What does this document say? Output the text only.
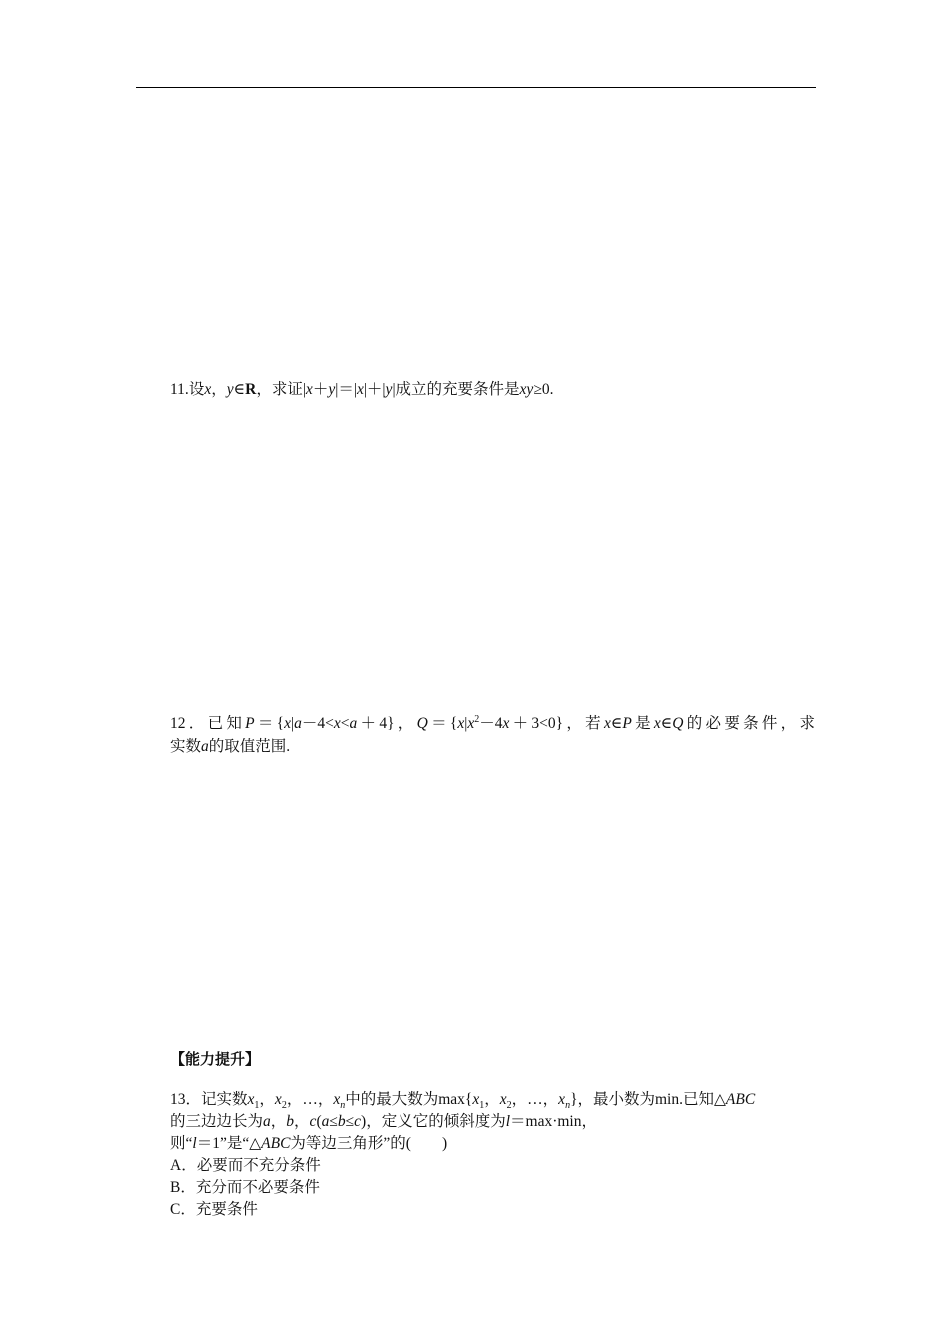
11.设x，y∈R，求证|x＋y|＝|x|＋|y|成立的充要条件是xy≥0.
12．已知P＝{x|a－4<x<a＋4}，$Q=\{x|x^2-4x+3<0\}$，若x∈P是x∈Q的必要条件，求
实数a的取值范围.
【能力提升】
13．记实数$x_1$，$x_2$，…，$x_n$中的最大数为$\max\{x_1$，$x_2$，…，$x_n$}，最小数为min.已知△ABC
的三边边长为a，b，c(a≤b≤c)，定义它的倾斜度为l＝max·min，
则“l＝1”是“△ABC为等边三角形”的(　　)
A．必要而不充分条件
B．充分而不必要条件
C．充要条件
